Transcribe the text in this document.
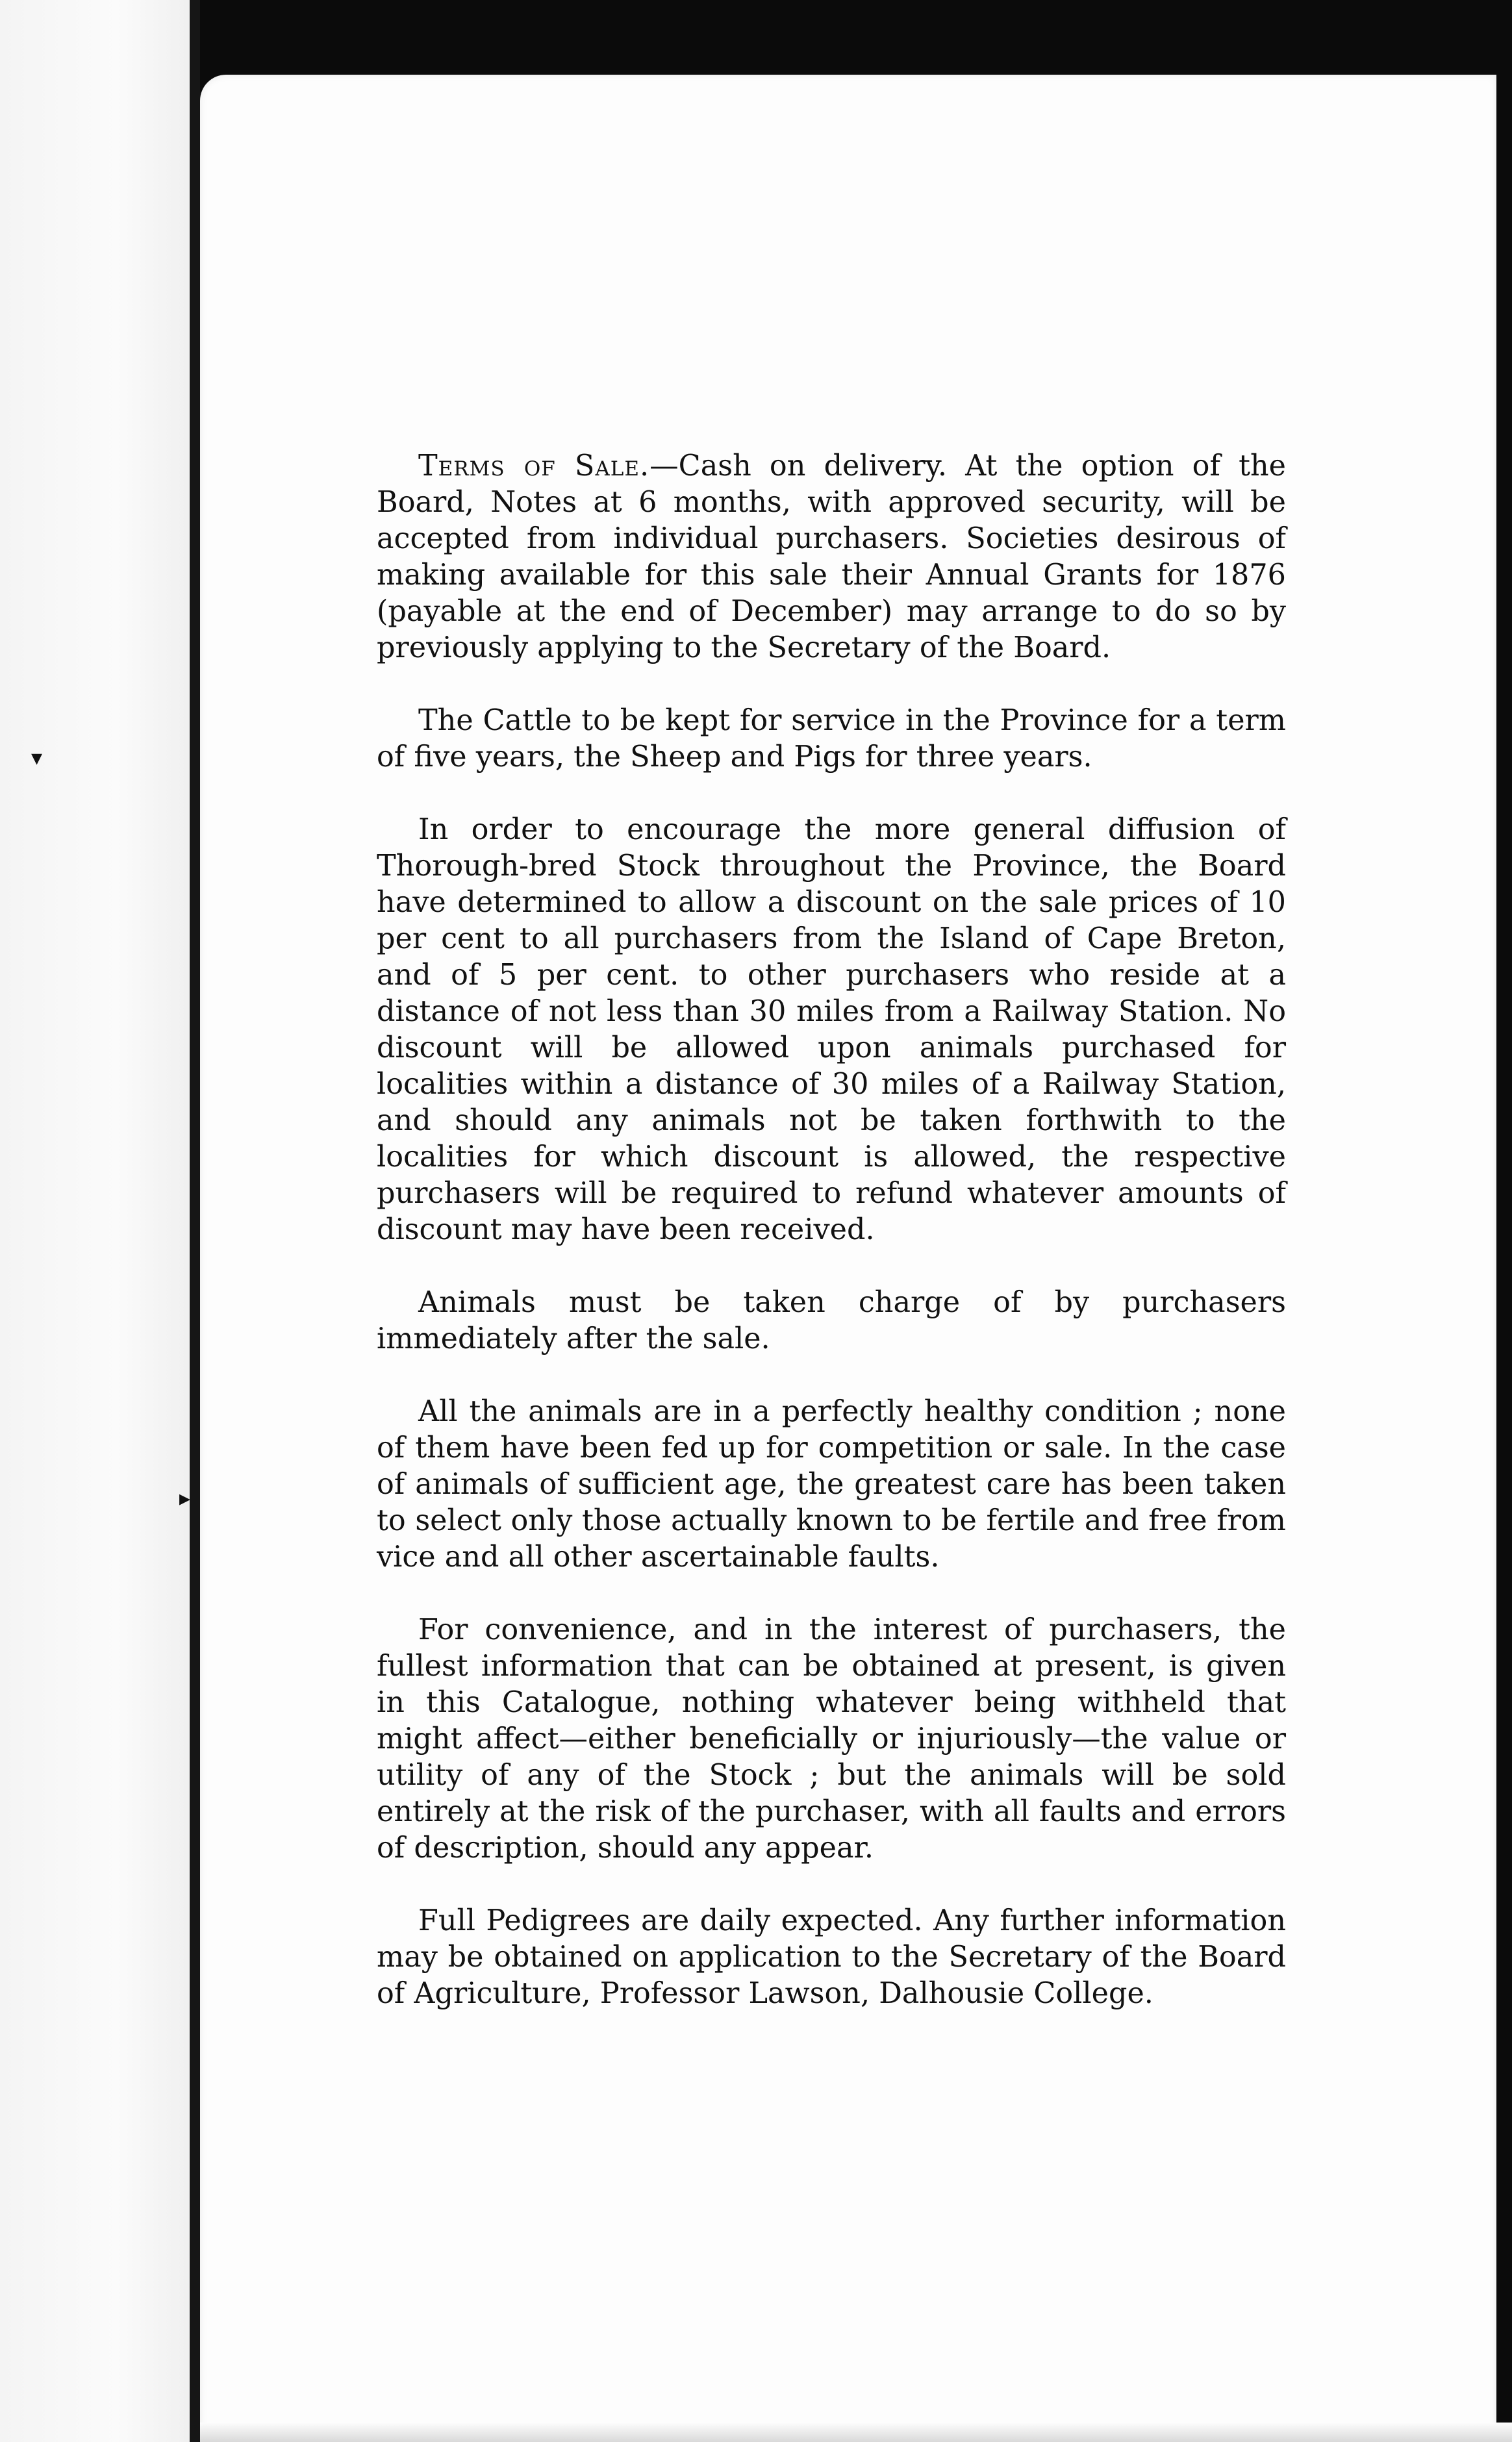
▾
▸

Terms of Sale.—Cash on delivery. At the option of the Board, Notes at 6 months, with approved security, will be accepted from individual purchasers. Societies desirous of making available for this sale their Annual Grants for 1876 (payable at the end of December) may arrange to do so by previously applying to the Secretary of the Board.

The Cattle to be kept for service in the Province for a term of five years, the Sheep and Pigs for three years.

In order to encourage the more general diffusion of Thorough-bred Stock throughout the Province, the Board have determined to allow a discount on the sale prices of 10 per cent to all purchasers from the Island of Cape Breton, and of 5 per cent. to other purchasers who reside at a distance of not less than 30 miles from a Railway Station. No discount will be allowed upon animals purchased for localities within a distance of 30 miles of a Railway Station, and should any animals not be taken forthwith to the localities for which discount is allowed, the respective purchasers will be required to refund whatever amounts of discount may have been received.

Animals must be taken charge of by purchasers immediately after the sale.

All the animals are in a perfectly healthy condition ; none of them have been fed up for competition or sale. In the case of animals of sufficient age, the greatest care has been taken to select only those actually known to be fertile and free from vice and all other ascertainable faults.

For convenience, and in the interest of purchasers, the fullest information that can be obtained at present, is given in this Catalogue, nothing whatever being withheld that might affect—either beneficially or injuriously—the value or utility of any of the Stock ; but the animals will be sold entirely at the risk of the purchaser, with all faults and errors of description, should any appear.

Full Pedigrees are daily expected. Any further information may be obtained on application to the Secretary of the Board of Agriculture, Professor Lawson, Dalhousie College.
